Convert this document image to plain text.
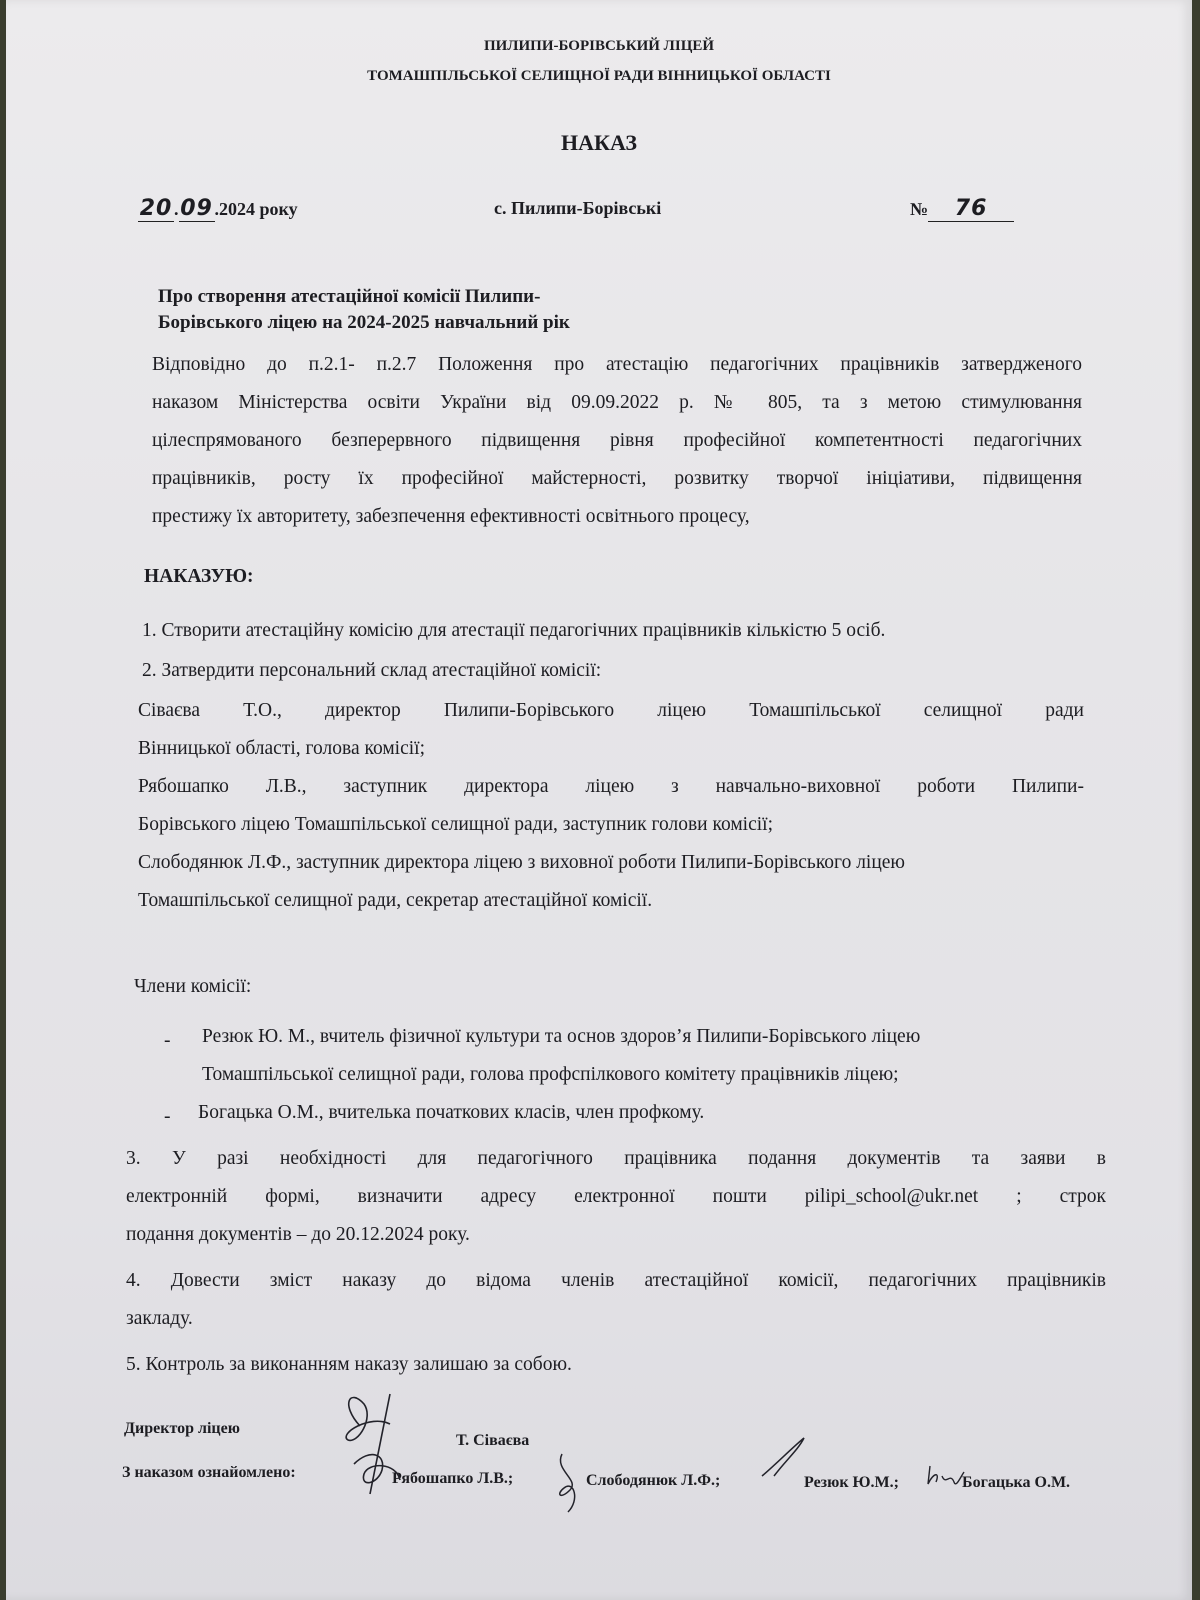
ПИЛИПИ-БОРІВСЬКИЙ ЛІЦЕЙ
ТОМАШПІЛЬСЬКОЇ СЕЛИЩНОЇ РАДИ ВІННИЦЬКОЇ ОБЛАСТІ
НАКАЗ
20.09.2024 року	с. Пилипи-Борівські	№ 76
Про створення атестаційної комісії Пилипи-
Борівського ліцею на 2024-2025 навчальний рік
Відповідно до п.2.1- п.2.7 Положення про атестацію педагогічних працівників затвердженого
наказом Міністерства освіти України від 09.09.2022 р. № 805, та з метою стимулювання
цілеспрямованого безперервного підвищення рівня професійної компетентності педагогічних
працівників, росту їх професійної майстерності, розвитку творчої ініціативи, підвищення
престижу їх авторитету, забезпечення ефективності освітнього процесу,
НАКАЗУЮ:
1. Створити атестаційну комісію для атестації педагогічних працівників кількістю 5 осіб.
2. Затвердити персональний склад атестаційної комісії:
Сіваєва Т.О., директор Пилипи-Борівського ліцею Томашпільської селищної ради
Вінницької області, голова комісії;
Рябошапко Л.В., заступник директора ліцею з навчально-виховної роботи Пилипи-
Борівського ліцею Томашпільської селищної ради, заступник голови комісії;
Слободянюк Л.Ф., заступник директора ліцею з виховної роботи Пилипи-Борівського ліцею
Томашпільської селищної ради, секретар атестаційної комісії.
Члени комісії:
- Резюк Ю. М., вчитель фізичної культури та основ здоров’я Пилипи-Борівського ліцею
Томашпільської селищної ради, голова профспілкового комітету працівників ліцею;
- Богацька О.М., вчителька початкових класів, член профкому.
3. У разі необхідності для педагогічного працівника подання документів та заяви в
електронній формі, визначити адресу електронної пошти pilipi_school@ukr.net ; строк
подання документів – до 20.12.2024 року.
4. Довести зміст наказу до відома членів атестаційної комісії, педагогічних працівників
закладу.
5. Контроль за виконанням наказу залишаю за собою.
Директор ліцею
Т. Сіваєва
З наказом ознайомлено:	Рябошапко Л.В.;	Слободянюк Л.Ф.;	Резюк Ю.М.;	Богацька О.М.
